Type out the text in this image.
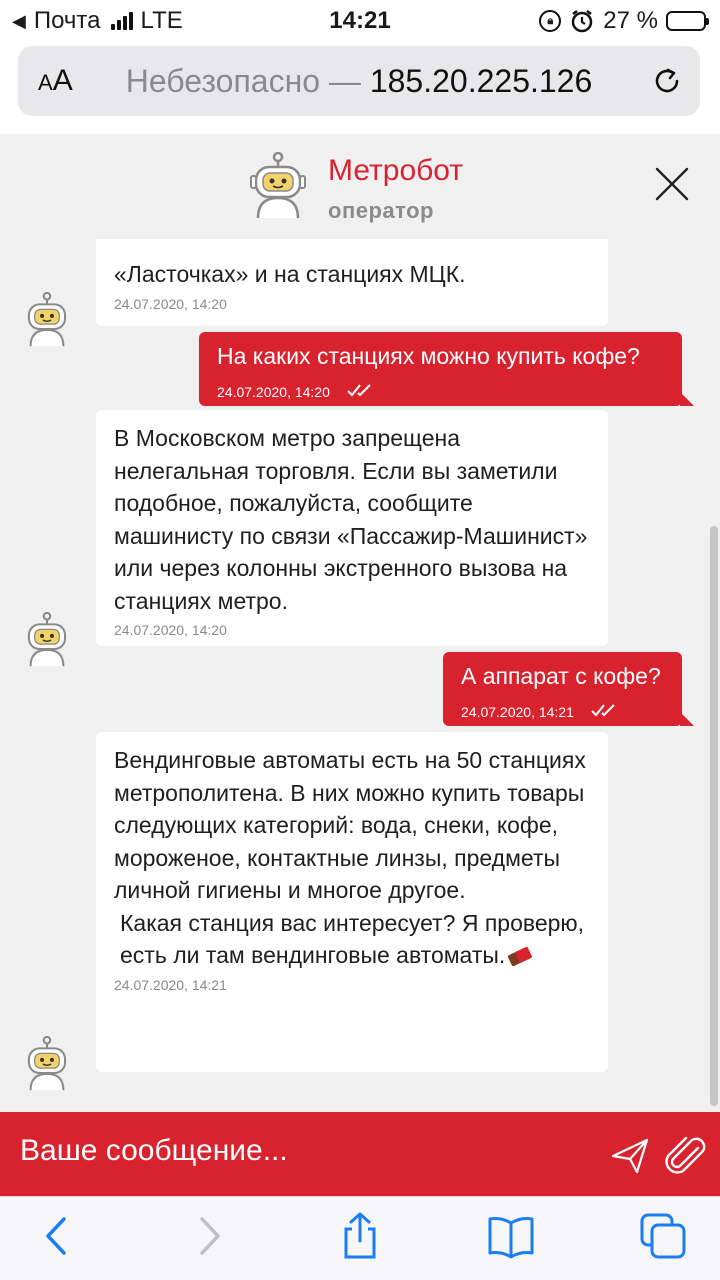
◀ Почта LTE	14:21	🔒︎	27 %
AA	Небезопасно — 185.20.225.126
Метробот
оператор
«Ласточках» и на станциях МЦК.
24.07.2020, 14:20
На каких станциях можно купить кофе?
24.07.2020, 14:20
В Московском метро запрещена нелегальная торговля. Если вы заметили подобное, пожалуйста, сообщите машинисту по связи «Пассажир-Машинист» или через колонны экстренного вызова на станциях метро.
24.07.2020, 14:20
А аппарат с кофе?
24.07.2020, 14:21
Вендинговые автоматы есть на 50 станциях метрополитена. В них можно купить товары следующих категорий: вода, снеки, кофе, мороженое, контактные линзы, предметы личной гигиены и многое другое.
Какая станция вас интересует? Я проверю, есть ли там вендинговые автоматы.
24.07.2020, 14:21
Ваше сообщение...
